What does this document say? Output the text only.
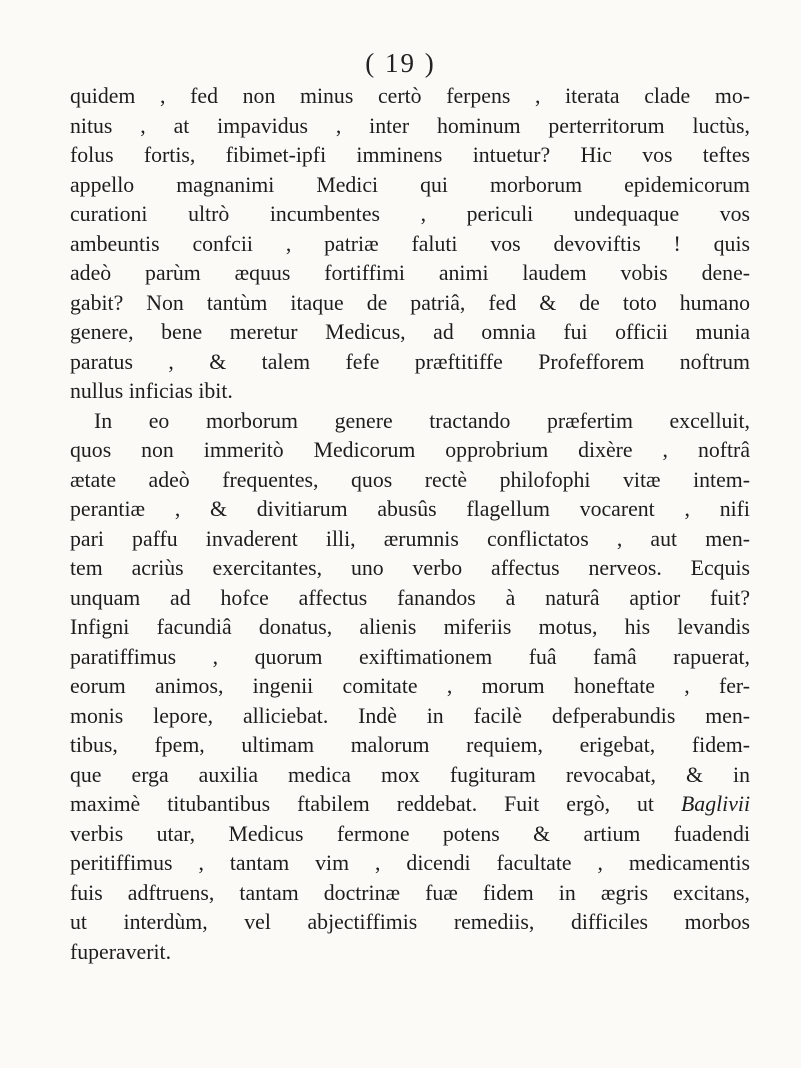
( 19 )
quidem , fed non minus certò ferpens , iterata clade mo-
nitus , at impavidus , inter hominum perterritorum luctùs,
folus fortis, fibimet-ipfi imminens intuetur? Hic vos teftes
appello magnanimi Medici qui morborum epidemicorum
curationi ultrò incumbentes , periculi undequaque vos
ambeuntis confcii , patriæ faluti vos devoviftis ! quis
adeò parùm æquus fortiffimi animi laudem vobis dene-
gabit? Non tantùm itaque de patriâ, fed & de toto humano
genere, bene meretur Medicus, ad omnia fui officii munia
paratus , & talem fefe præftitiffe Profefforem noftrum
nullus inficias ibit.
In eo morborum genere tractando præfertim excelluit,
quos non immeritò Medicorum opprobrium dixère , noftrâ
ætate adeò frequentes, quos rectè philofophi vitæ intem-
perantiæ , & divitiarum abusûs flagellum vocarent , nifi
pari paffu invaderent illi, ærumnis conflictatos , aut men-
tem acriùs exercitantes, uno verbo affectus nerveos. Ecquis
unquam ad hofce affectus fanandos à naturâ aptior fuit?
Infigni facundiâ donatus, alienis miferiis motus, his levandis
paratiffimus , quorum exiftimationem fuâ famâ rapuerat,
eorum animos, ingenii comitate , morum honeftate , fer-
monis lepore, alliciebat. Indè in facilè defperabundis men-
tibus, fpem, ultimam malorum requiem, erigebat, fidem-
que erga auxilia medica mox fugituram revocabat, & in
maximè titubantibus ftabilem reddebat. Fuit ergò, ut Baglivii
verbis utar, Medicus fermone potens & artium fuadendi
peritiffimus , tantam vim , dicendi facultate , medicamentis
fuis adftruens, tantam doctrinæ fuæ fidem in ægris excitans,
ut interdùm, vel abjectiffimis remediis, difficiles morbos
fuperaverit.
